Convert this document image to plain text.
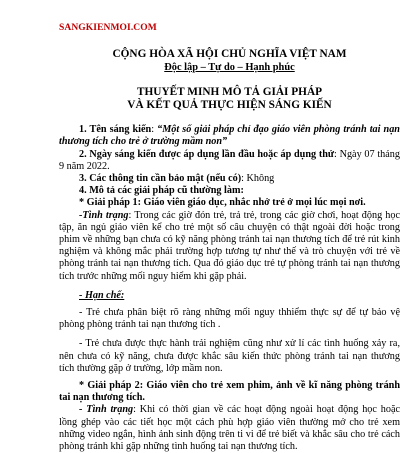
SANGKIENMOI.COM
CỘNG HÒA XÃ HỘI CHỦ NGHĨA VIỆT NAM
Độc lập – Tự do – Hạnh phúc
THUYẾT MINH MÔ TẢ GIẢI PHÁP
VÀ KẾT QUẢ THỰC HIỆN SÁNG KIẾN

1. Tên sáng kiến: “Một số giải pháp chỉ đạo giáo viên phòng tránh tai nạn thương tích cho trẻ ở trường mầm non”

2. Ngày sáng kiến được áp dụng lần đầu hoặc áp dụng thử: Ngày 07 tháng 9 năm 2022.

3. Các thông tin cần bảo mật (nếu có): Không

4. Mô tả các giải pháp cũ thường làm:

* Giải pháp 1: Giáo viên giáo dục, nhắc nhở trẻ ở mọi lúc mọi nơi.

-Tình trạng: Trong các giờ đón trẻ, trả trẻ, trong các giờ chơi, hoạt động học tập, ăn ngủ giáo viên kể cho trẻ một số câu chuyện có thật ngoài đời hoặc trong phim về những bạn chưa có kỹ năng phòng tránh tai nạn thương tích để trẻ rút kinh nghiệm và không mắc phải trường hợp tương tự như thế và trò chuyện với trẻ về phòng tránh tai nạn thương tích. Qua đó giáo dục trẻ tự phòng tránh tai nạn thương tích trước những mối nguy hiểm khi gặp phải.

- Hạn chế:

- Trẻ chưa phân biệt rõ ràng những mối nguy thhiểm thực sự để tự bảo vệ phòng phòng tránh tai nạn thương tích .

- Trẻ chưa được thực hành trải nghiệm cũng như xử lí các tình huống xảy ra, nên chưa có kỹ năng, chưa được khắc sâu kiến thức phòng tránh tai nạn thương tích thường gặp ở trường, lớp mầm non.

* Giải pháp 2: Giáo viên cho trẻ xem phim, ảnh về kĩ năng phòng tránh tai nạn thương tích.

- Tình trạng: Khi có thời gian về các hoạt động ngoài hoạt động học hoặc lồng ghép vào các tiết học một cách phù hợp giáo viên thường mở cho trẻ xem những video ngắn, hình ảnh sinh động trên ti vi để trẻ biết và khắc sâu cho trẻ cách phòng tránh khi gặp những tình huống tai nạn thương tích.
